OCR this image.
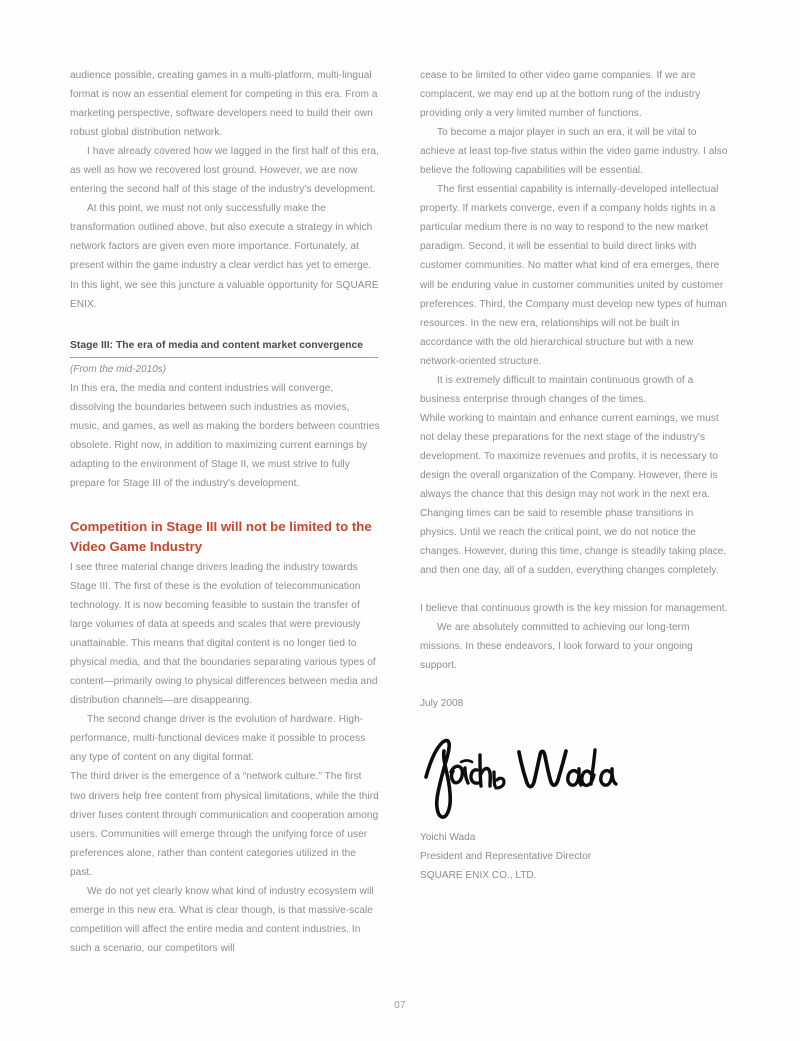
audience possible, creating games in a multi-platform, multi-lingual format is now an essential element for competing in this era. From a marketing perspective, software developers need to build their own robust global distribution network.

I have already covered how we lagged in the first half of this era, as well as how we recovered lost ground. However, we are now entering the second half of this stage of the industry's development.

At this point, we must not only successfully make the transformation outlined above, but also execute a strategy in which network factors are given even more importance. Fortunately, at present within the game industry a clear verdict has yet to emerge. In this light, we see this juncture a valuable opportunity for SQUARE ENIX.

Stage III: The era of media and content market convergence
(From the mid-2010s)

In this era, the media and content industries will converge, dissolving the boundaries between such industries as movies, music, and games, as well as making the borders between countries obsolete. Right now, in addition to maximizing current earnings by adapting to the environment of Stage II, we must strive to fully prepare for Stage III of the industry's development.

Competition in Stage III will not be limited to the Video Game Industry

I see three material change drivers leading the industry towards Stage III. The first of these is the evolution of telecommunication technology. It is now becoming feasible to sustain the transfer of large volumes of data at speeds and scales that were previously unattainable. This means that digital content is no longer tied to physical media, and that the boundaries separating various types of content—primarily owing to physical differences between media and distribution channels—are disappearing.

The second change driver is the evolution of hardware. High-performance, multi-functional devices make it possible to process any type of content on any digital format.

The third driver is the emergence of a “network culture.” The first two drivers help free content from physical limitations, while the third driver fuses content through communication and cooperation among users. Communities will emerge through the unifying force of user preferences alone, rather than content categories utilized in the past.

We do not yet clearly know what kind of industry ecosystem will emerge in this new era. What is clear though, is that massive-scale competition will affect the entire media and content industries. In such a scenario, our competitors will

cease to be limited to other video game companies. If we are complacent, we may end up at the bottom rung of the industry providing only a very limited number of functions.

To become a major player in such an era, it will be vital to achieve at least top-five status within the video game industry. I also believe the following capabilities will be essential.

The first essential capability is internally-developed intellectual property. If markets converge, even if a company holds rights in a particular medium there is no way to respond to the new market paradigm. Second, it will be essential to build direct links with customer communities. No matter what kind of era emerges, there will be enduring value in customer communities united by customer preferences. Third, the Company must develop new types of human resources. In the new era, relationships will not be built in accordance with the old hierarchical structure but with a new network-oriented structure.

It is extremely difficult to maintain continuous growth of a business enterprise through changes of the times.

While working to maintain and enhance current earnings, we must not delay these preparations for the next stage of the industry's development. To maximize revenues and profits, it is necessary to design the overall organization of the Company. However, there is always the chance that this design may not work in the next era. Changing times can be said to resemble phase transitions in physics. Until we reach the critical point, we do not notice the changes. However, during this time, change is steadily taking place, and then one day, all of a sudden, everything changes completely.

I believe that continuous growth is the key mission for management.

We are absolutely committed to achieving our long-term missions. In these endeavors, I look forward to your ongoing support.

July 2008
Yoichi Wada
President and Representative Director
SQUARE ENIX CO., LTD.
07
